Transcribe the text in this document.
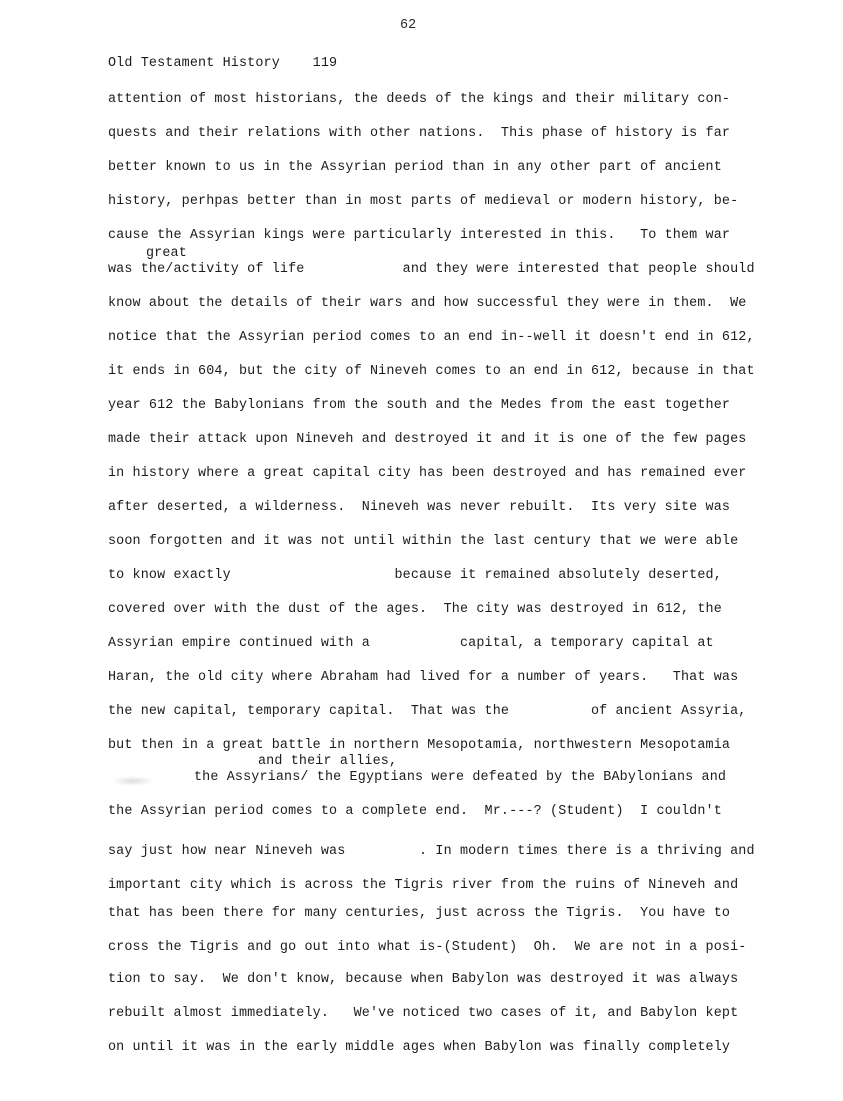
62
Old Testament History 119
attention of most historians, the deeds of the kings and their military con-
quests and their relations with other nations.  This phase of history is far
better known to us in the Assyrian period than in any other part of ancient
history, perhpas better than in most parts of medieval or modern history, be-
cause the Assyrian kings were particularly interested in this.   To them war
great
was the/activity of life            and they were interested that people should
know about the details of their wars and how successful they were in them.  We
notice that the Assyrian period comes to an end in--well it doesn't end in 612,
it ends in 604, but the city of Nineveh comes to an end in 612, because in that
year 612 the Babylonians from the south and the Medes from the east together
made their attack upon Nineveh and destroyed it and it is one of the few pages
in history where a great capital city has been destroyed and has remained ever
after deserted, a wilderness.  Nineveh was never rebuilt.  Its very site was
soon forgotten and it was not until within the last century that we were able
to know exactly                    because it remained absolutely deserted,
covered over with the dust of the ages.  The city was destroyed in 612, the
Assyrian empire continued with a           capital, a temporary capital at
Haran, the old city where Abraham had lived for a number of years.   That was
the new capital, temporary capital.  That was the          of ancient Assyria,
but then in a great battle in northern Mesopotamia, northwestern Mesopotamia
and their allies,
the Assyrians/ the Egyptians were defeated by the BAbylonians and
the Assyrian period comes to a complete end.  Mr.---? (Student)  I couldn't
say just how near Nineveh was         . In modern times there is a thriving and
important city which is across the Tigris river from the ruins of Nineveh and
that has been there for many centuries, just across the Tigris.  You have to
cross the Tigris and go out into what is-(Student)  Oh.  We are not in a posi-
tion to say.  We don't know, because when Babylon was destroyed it was always
rebuilt almost immediately.   We've noticed two cases of it, and Babylon kept
on until it was in the early middle ages when Babylon was finally completely
